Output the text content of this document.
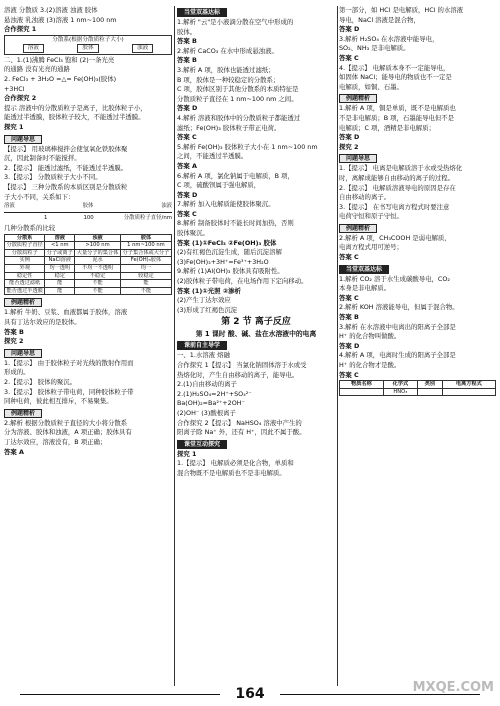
溶液 分散质 3.(2)溶液 浊液 胶体

悬浊液 乳浊液 (3)溶液 1 nm~100 nm

合作探究 1

分散系(根据分散质粒子大小)
溶液	胶体	浊液

二、1.(1)沸腾 FeCl₃ 饱和 (2)一条光亮

的通路 没有光亮的通路

2. FeCl₃ + 3H₂O =△= Fe(OH)₃(胶体)

+3HCl

合作探究 2

提示 溶液中的分散质粒子是离子，比胶体粒子小，

能透过半透膜，胶体粒子较大，不能透过半透膜。

探究 1

问题导思

【提示】 用玻璃棒搅拌会使氢氧化铁胶体聚

沉，因此制备时不能搅拌。

2.【提示】 能透过滤纸，不能透过半透膜。

3.【提示】 分散质粒子大小不同。

【提示】 三种分散系的本质区别是分散质粒

子大小不同，关系如下：

溶液	胶体	浊液
1	100	分散质粒子直径/nm

几种分散系的比较

分散系	溶液	浊液	胶体
分散质粒子直径	<1 nm	>100 nm	1 nm~100 nm
分散质粒子	分子或离子	大量分子的集合体	分子集合体或大分子
实例	NaCl溶液	泥水	Fe(OH)₃胶体
外观	均一透明	不均一不透明	均一
稳定性	稳定	不稳定	较稳定
能否透过滤纸	能	不能	能
能否透过半透膜	能	不能	不能
例题精析

1.解析 牛奶、豆浆、血液都属于胶体，溶液

具有丁达尔效应的是胶体。

答案 B

探究 2

问题导思

1.【提示】 由于胶体粒子对光线的散射作用而

形成的。

2.【提示】 胶体的聚沉。

3.【提示】 胶体粒子带电荷，同种胶体粒子带

同种电荷，彼此相互排斥，不易聚集。

例题精析

2.解析 根据分散质粒子直径的大小将分散系

分为溶液、胶体和浊液，A 项正确；胶体具有

丁达尔效应，溶液没有，B 项正确；

答案 A

当堂双基达标

1.解析 "云"是小液滴分散在空气中形成的

胶体。

答案 B

2.解析 CaCO₃ 在水中形成悬浊液。

答案 B

3.解析 A 项，胶体也能透过滤纸；

B 项，胶体是一种较稳定的分散系；

C 项，胶体区别于其他分散系的本质特征是

分散质粒子直径在 1 nm~100 nm 之间。

答案 D

4.解析 溶液和胶体中的分散质粒子都能透过

滤纸；Fe(OH)₃ 胶体粒子带正电荷。

答案 C

5.解析 Fe(OH)₃ 胶体粒子大小在 1 nm~100 nm

之间，不能透过半透膜。

答案 A

6.解析 A 项，氯化钠属于电解质，B 项，

C 项，硫酸钡属于强电解质，

答案 D

7.解析 加入电解质能使胶体聚沉。

答案 C

8.解析 制备胶体时不能长时间加热，否则

胶体聚沉。

答案 (1)①FeCl₃ ②Fe(OH)₃ 胶体

(2)有红褐色沉淀生成，随后沉淀溶解

(3)Fe(OH)₃+3H⁺=Fe³⁺+3H₂O

9.解析 (1)Al(OH)₃ 胶体具有吸附性。

(2)胶体粒子带电荷，在电场作用下定向移动。

答案 (1)①光照 ②渗析

(2)产生丁达尔效应

(3)形成了红褐色沉淀

第 2 节 离子反应
第 1 课时 酸、碱、盐在水溶液中的电离
课前自主导学

一、1.水溶液 熔融

合作探究 1【提示】 当氯化钠固体溶于水或受

热熔化时，产生自由移动的离子，能导电。

2.(1)自由移动的离子

2.(1)H₂SO₄=2H⁺+SO₄²⁻

Ba(OH)₂=Ba²⁺+2OH⁻

(2)OH⁻ (3)酸根离子

合作探究 2【提示】 NaHSO₄ 溶液中产生的

阳离子除 Na⁺ 外，还有 H⁺，因此不属于酸。

课堂互动探究

探究 1

1.【提示】 电解质必须是化合物，单质和

混合物既不是电解质也不是非电解质。

第一部分，如 HCl 是电解质，HCl 的水溶液

导电，NaCl 溶液是混合物，

答案 D

3.解析 H₂SO₄ 在水溶液中能导电，

SO₂、NH₃ 是非电解质。

答案 C

4.【提示】 电解质本身不一定能导电，

如固体 NaCl；能导电的物质也不一定是

电解质，如铜、石墨。

例题精析

1.解析 A 项，铜是单质，既不是电解质也

不是非电解质；B 项，石墨能导电但不是

电解质；C 项，酒精是非电解质；

答案 D

探究 2

问题导思

1.【提示】 电离是电解质溶于水或受热熔化

时，离解成能够自由移动的离子的过程。

2.【提示】 电解质溶液导电的原因是存在

自由移动的离子。

3.【提示】 在书写电离方程式时要注意

电荷守恒和原子守恒。

例题精析

2.解析 A 项，CH₃COOH 是弱电解质，

电离方程式用可逆号；

答案 C

当堂双基达标

1.解析 CO₂ 溶于水生成碳酸导电，CO₂

本身是非电解质。

答案 C

2.解析 KOH 溶液能导电，但属于混合物。

答案 B

3.解析 在水溶液中电离出的阳离子全部是

H⁺ 的化合物叫做酸。

答案 D

4.解析 A 项，电离时生成的阳离子全部是

H⁺ 的化合物才是酸。

答案 C

物质名称	化学式	类别	电离方程式
	HNO₃		
164	MXQE.COM
